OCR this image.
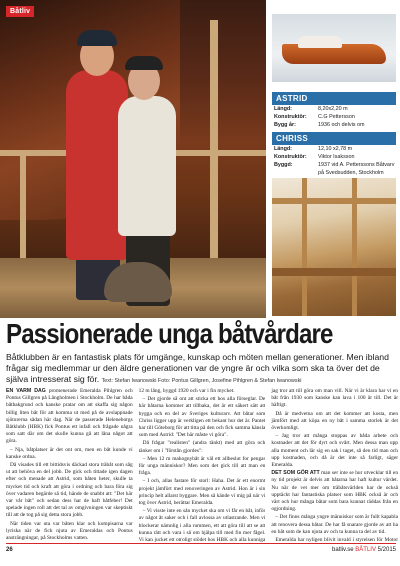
Båtliv
ASTRID
Längd:	8,20x2,20 m
Konstruktör:	C.G Pettersson
Bygg år:	1936 och delvis om
CHRISS
Längd:	12,10 x2,78 m
Konstruktör:	Viktor Isaksson
Byggd:	1937 vid A. Petterssons Båtvarv på Svedsudden, Stockholm
Passionerade unga båtvårdare
Båtklubben är en fantastisk plats för umgänge, kunskap och möten mellan generationer. Men ibland frågar sig medlemmar ur den äldre generationen var de yngre är och vilka som ska ta över det de själva intresserat sig för. Text: Stefan Iwanowski Foto: Pontus Gillgren, Josefine Pihlgren & Stefan Iwanowski

EN VARM DAG promenerade Emeralda Pihlgren och Pontus Gillgren på Långholmen i Stockholm. De har båda båtbakgrund och kanske pratar om att skaffa sig någon billig liten båt för att komma ut med på de avslappnade sjöturerna sådan här dag. När de passerade Heleneborgs Båtklubb (HBK) fick Pontus ett infall och frågade några som satt där om det skulle kunna gå att låna något att göra.

– Nja, båtplatser är det ont om, men en båt kunde vi kanske ordna.

Då visades till ett bittidsvis däckad stora träbåt som såg ut att behöva en del jobb. De gick och tittade igen dagen efter och menade att Astrid, som båten heter, skulle ta mycket tid och kraft att göra i ordning och bara föra sig över vadaren begärde så tid, hände de snabbt att: "Det här var vår båt" och sedan dess har de haft båtfeber! Det spelade ingen roll att det tal av omgivningen var skeptiskt till att de tog på sig detta stora jobb.

När tiden var uta var båten klar och kompisarna var lyriska när de fick njuta av Emeraldas och Pontus ansträngningar, på Stockholms vatten.

12 m lång, byggd 1920 och var i fin mycket.

– Det gjorde så ont att sticka ett hos alla förseglar. De här båtarna kommer att tillbaka, det är ett säkert sätt att bygga och en del av Sveriges kulturarv. Att båtar som Chriss ligger upp är verkligen ett bekant hur det är. Pantet har till Göteborg för att titta på den och fick samma känsla som med Astrid: "Det här måste vi göra".

Då frågar "realisten" (andra tänkt) med att göra och tänker om i "förstån gjordes":

– Men 12 m mahognybåt är väl ett allbeslut for pengar för unga människor? Men som det gick till att man en fråga.

– I och, allas fastare för storl: Haha. Det är ett enormt projekt jämfört med renoveringen av Astrid. Hon är i sin princip helt allarst byggare. Men så kände vi mig på när vi tog över Astrid, berättar Emeralda.

– Vi visste inte en sån mycket ska om vi får en båt, inför av något åt saker och i fall avlossa av utlastrande. Men vi blockerar nämnlig i alla rummen, ett att göra till att se att kunna rätt och vara i så om hjälpa till med fin mer fågel. Vi kan jucket ett otroligt stödet hos HBK och alla kunniga

jag tror att till göra om man vill. När vi är klara har vi en båt från 1930 som kanske kan lava i 100 år till. Det är häftigt.

Då är medvetna om att det kommer att kosta, men jämfört med att köpa en ny båt i samma storlek är det överkomligt.

– Jag tror att många stoppas av båda arbete och kostnader att det för dyrt och svårt. Men dessa man upp alla moment och lär sig en sak i taget, så den tid man och upp kostnaden, och då är det inte så farligt, säger Emeralda.

DET SOM GÖR ATT man ser inte se hur utvecklar till en ny tid projekt är delvis att båtarna har haft kultur värdet. Nu när de vet mer om träbåtsvärlden har de också upptäckt har fantastiska platser som HBK också är och värt och hur många båtar som bara kunnat räddas från en ogjordning.

– Det finns många yngre människor som är fullt kapabla att renovera dessa båtar. De har få snarare gjorde av att ha en båt som de kan njuta av och ta kunna ta del av tid.

Emeralda har nyligen blivit invald i styrelsen för Motor

26	batliv.se BÅTLIV 5/2015
